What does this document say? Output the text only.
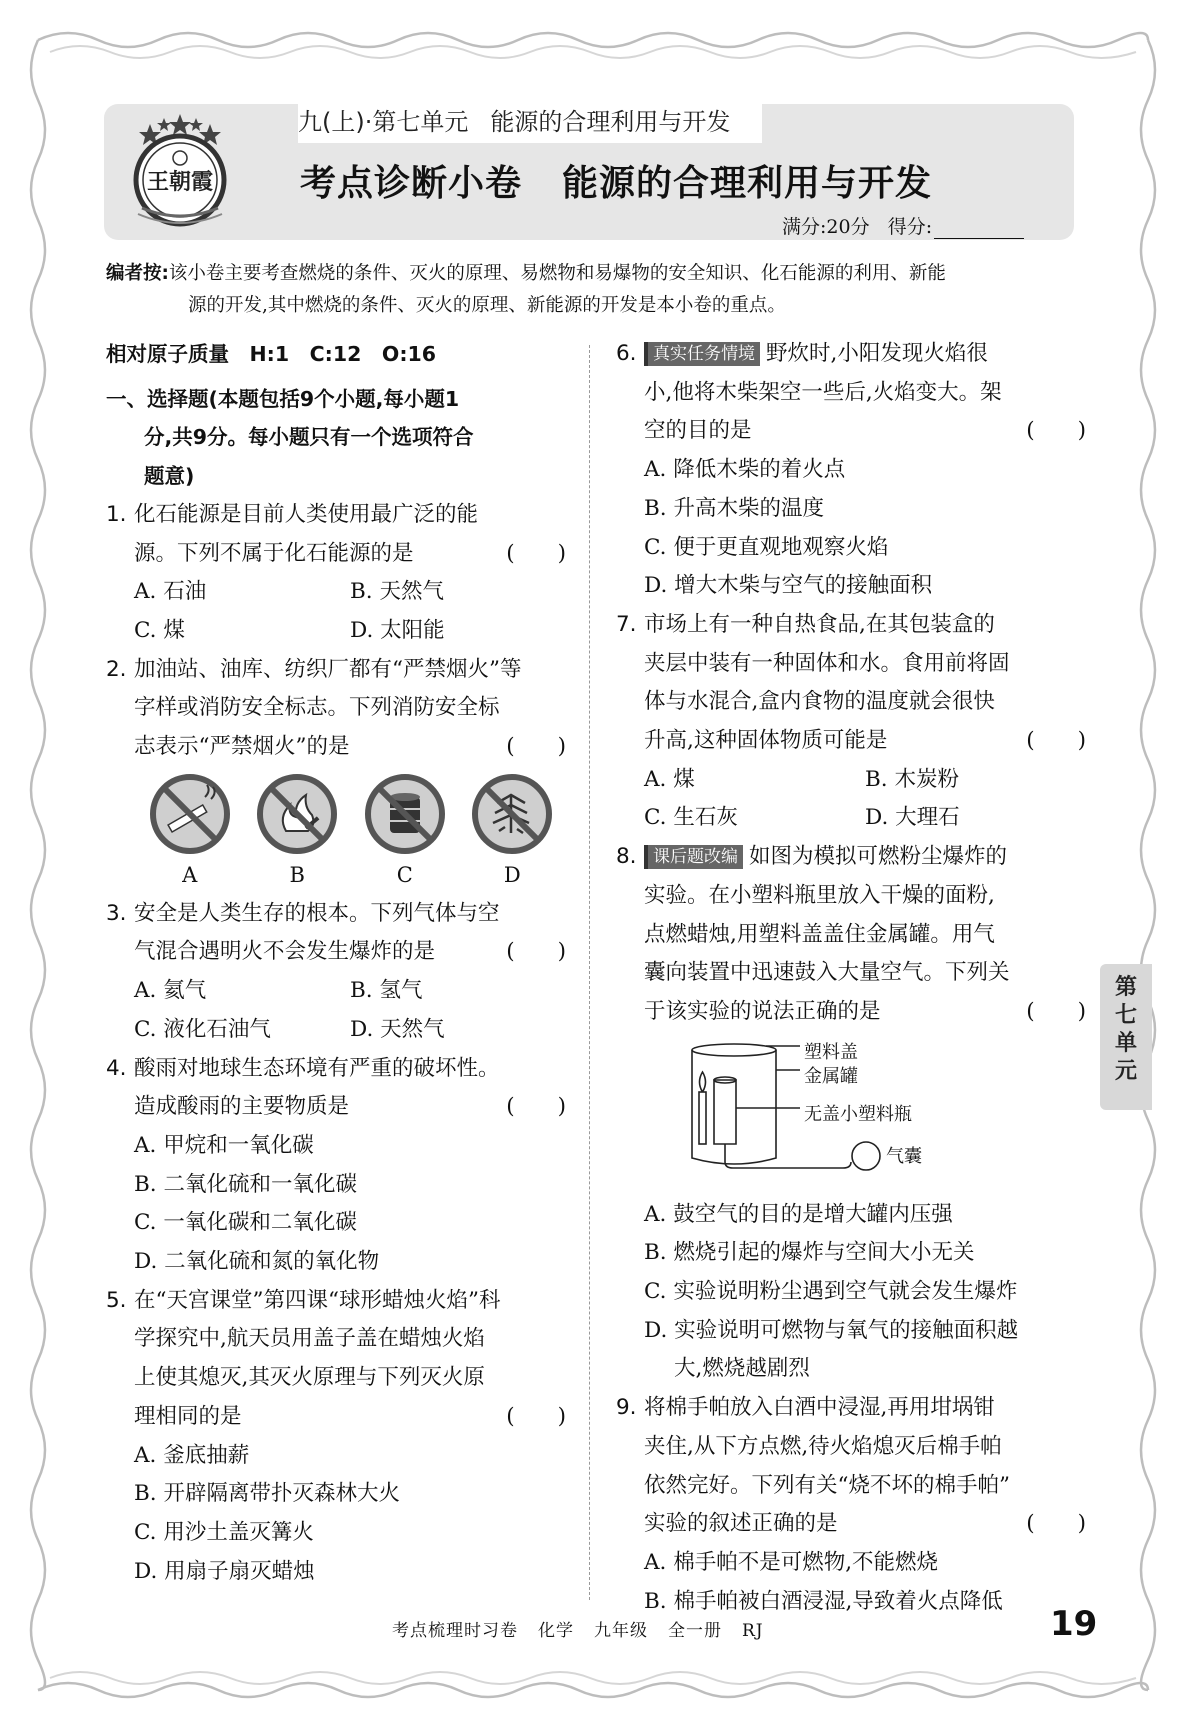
九(上)·第七单元 能源的合理利用与开发
王朝霞 考点诊断小卷 能源的合理利用与开发
满分:20分 得分:
编者按:该小卷主要考查燃烧的条件、灭火的原理、易燃物和易爆物的安全知识、化石能源的利用、新能
源的开发,其中燃烧的条件、灭火的原理、新能源的开发是本小卷的重点。
相对原子质量　H:1　C:12　O:16
一、选择题(本题包括9个小题,每小题1
分,共9分。每小题只有一个选项符合
题意)
1. 化石能源是目前人类使用最广泛的能
源。下列不属于化石能源的是	(　　)
A. 石油	B. 天然气
C. 煤	D. 太阳能
2. 加油站、油库、纺织厂都有“严禁烟火”等
字样或消防安全标志。下列消防安全标
志表示“严禁烟火”的是	(　　)
A	B	C	D
3. 安全是人类生存的根本。下列气体与空
气混合遇明火不会发生爆炸的是	(　　)
A. 氦气	B. 氢气
C. 液化石油气	D. 天然气
4. 酸雨对地球生态环境有严重的破坏性。
造成酸雨的主要物质是	(　　)
A. 甲烷和一氧化碳
B. 二氧化硫和一氧化碳
C. 一氧化碳和二氧化碳
D. 二氧化硫和氮的氧化物
5. 在“天宫课堂”第四课“球形蜡烛火焰”科
学探究中,航天员用盖子盖在蜡烛火焰
上使其熄灭,其灭火原理与下列灭火原
理相同的是	(　　)
A. 釜底抽薪
B. 开辟隔离带扑灭森林大火
C. 用沙土盖灭篝火
D. 用扇子扇灭蜡烛
6. 真实任务情境 野炊时,小阳发现火焰很
小,他将木柴架空一些后,火焰变大。架
空的目的是	(　　)
A. 降低木柴的着火点
B. 升高木柴的温度
C. 便于更直观地观察火焰
D. 增大木柴与空气的接触面积
7. 市场上有一种自热食品,在其包装盒的
夹层中装有一种固体和水。食用前将固
体与水混合,盒内食物的温度就会很快
升高,这种固体物质可能是	(　　)
A. 煤	B. 木炭粉
C. 生石灰	D. 大理石
8. 课后题改编 如图为模拟可燃粉尘爆炸的
实验。在小塑料瓶里放入干燥的面粉,
点燃蜡烛,用塑料盖盖住金属罐。用气
囊向装置中迅速鼓入大量空气。下列关
于该实验的说法正确的是	(　　)
塑料盖
金属罐
无盖小塑料瓶
气囊
A. 鼓空气的目的是增大罐内压强
B. 燃烧引起的爆炸与空间大小无关
C. 实验说明粉尘遇到空气就会发生爆炸
D. 实验说明可燃物与氧气的接触面积越
大,燃烧越剧烈
9. 将棉手帕放入白酒中浸湿,再用坩埚钳
夹住,从下方点燃,待火焰熄灭后棉手帕
依然完好。下列有关“烧不坏的棉手帕”
实验的叙述正确的是	(　　)
A. 棉手帕不是可燃物,不能燃烧
B. 棉手帕被白酒浸湿,导致着火点降低
第
七
单
元
考点梳理时习卷 化学 九年级 全一册 RJ	19
